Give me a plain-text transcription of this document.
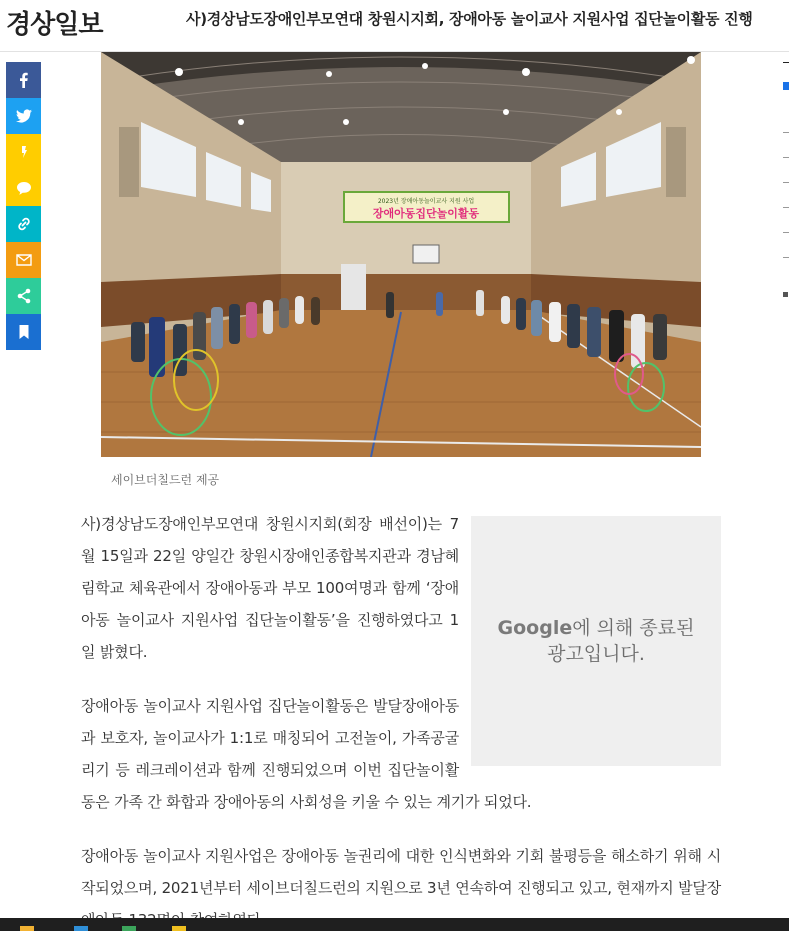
경상일보	사)경상남도장애인부모연대 창원시지회, 장애아동 놀이교사 지원사업 집단놀이활동 진행
2023년 장애아동놀이교사 지원 사업
장애아동집단놀이활동
세이브더칠드런 제공
Google에 의해 종료된
광고입니다.

사)경상남도장애인부모연대 창원시지회(회장 배선이)는 7월 15일과 22일 양일간 창원시장애인종합복지관과 경남혜림학교 체육관에서 장애아동과 부모 100여명과 함께 ‘장애아동 놀이교사 지원사업 집단놀이활동’을 진행하였다고 1일 밝혔다.

장애아동 놀이교사 지원사업 집단놀이활동은 발달장애아동과 보호자, 놀이교사가 1:1로 매칭되어 고전놀이, 가족공굴리기 등 레크레이션과 함께 진행되었으며 이번 집단놀이활동은 가족 간 화합과 장애아동의 사회성을 키울 수 있는 계기가 되었다.

장애아동 놀이교사 지원사업은 장애아동 놀권리에 대한 인식변화와 기회 불평등을 해소하기 위해 시작되었으며, 2021년부터 세이브더칠드런의 지원으로 3년 연속하여 진행되고 있고, 현재까지 발달장
